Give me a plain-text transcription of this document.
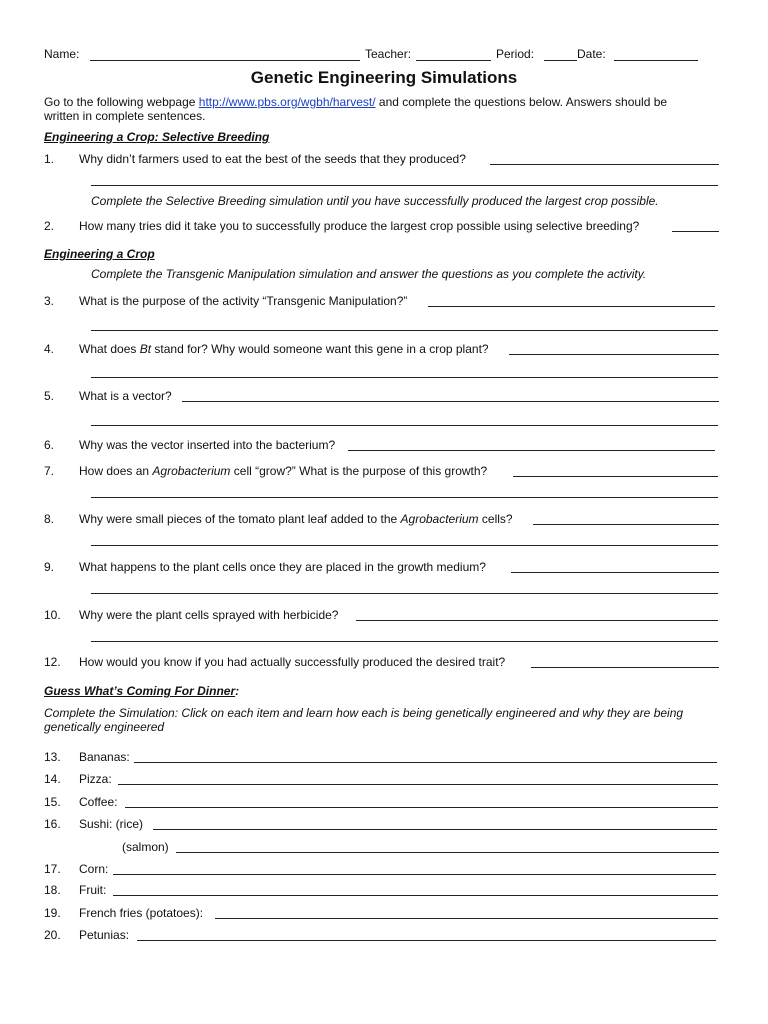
Name:	Teacher:	Period:	Date:
Genetic Engineering Simulations
Go to the following webpage http://www.pbs.org/wgbh/harvest/ and complete the questions below. Answers should be
written in complete sentences.
Engineering a Crop: Selective Breeding
1. Why didn’t farmers used to eat the best of the seeds that they produced?
Complete the Selective Breeding simulation until you have successfully produced the largest crop possible.
2. How many tries did it take you to successfully produce the largest crop possible using selective breeding?
Engineering a Crop
Complete the Transgenic Manipulation simulation and answer the questions as you complete the activity.
3. What is the purpose of the activity “Transgenic Manipulation?”
4. What does Bt stand for? Why would someone want this gene in a crop plant?
5. What is a vector?
6. Why was the vector inserted into the bacterium?
7. How does an Agrobacterium cell “grow?” What is the purpose of this growth?
8. Why were small pieces of the tomato plant leaf added to the Agrobacterium cells?
9. What happens to the plant cells once they are placed in the growth medium?
10. Why were the plant cells sprayed with herbicide?
12. How would you know if you had actually successfully produced the desired trait?
Guess What’s Coming For Dinner:
Complete the Simulation: Click on each item and learn how each is being genetically engineered and why they are being
genetically engineered
13. Bananas:
14. Pizza:
15. Coffee:
16. Sushi: (rice)
(salmon)
17. Corn:
18. Fruit:
19. French fries (potatoes):
20. Petunias:
